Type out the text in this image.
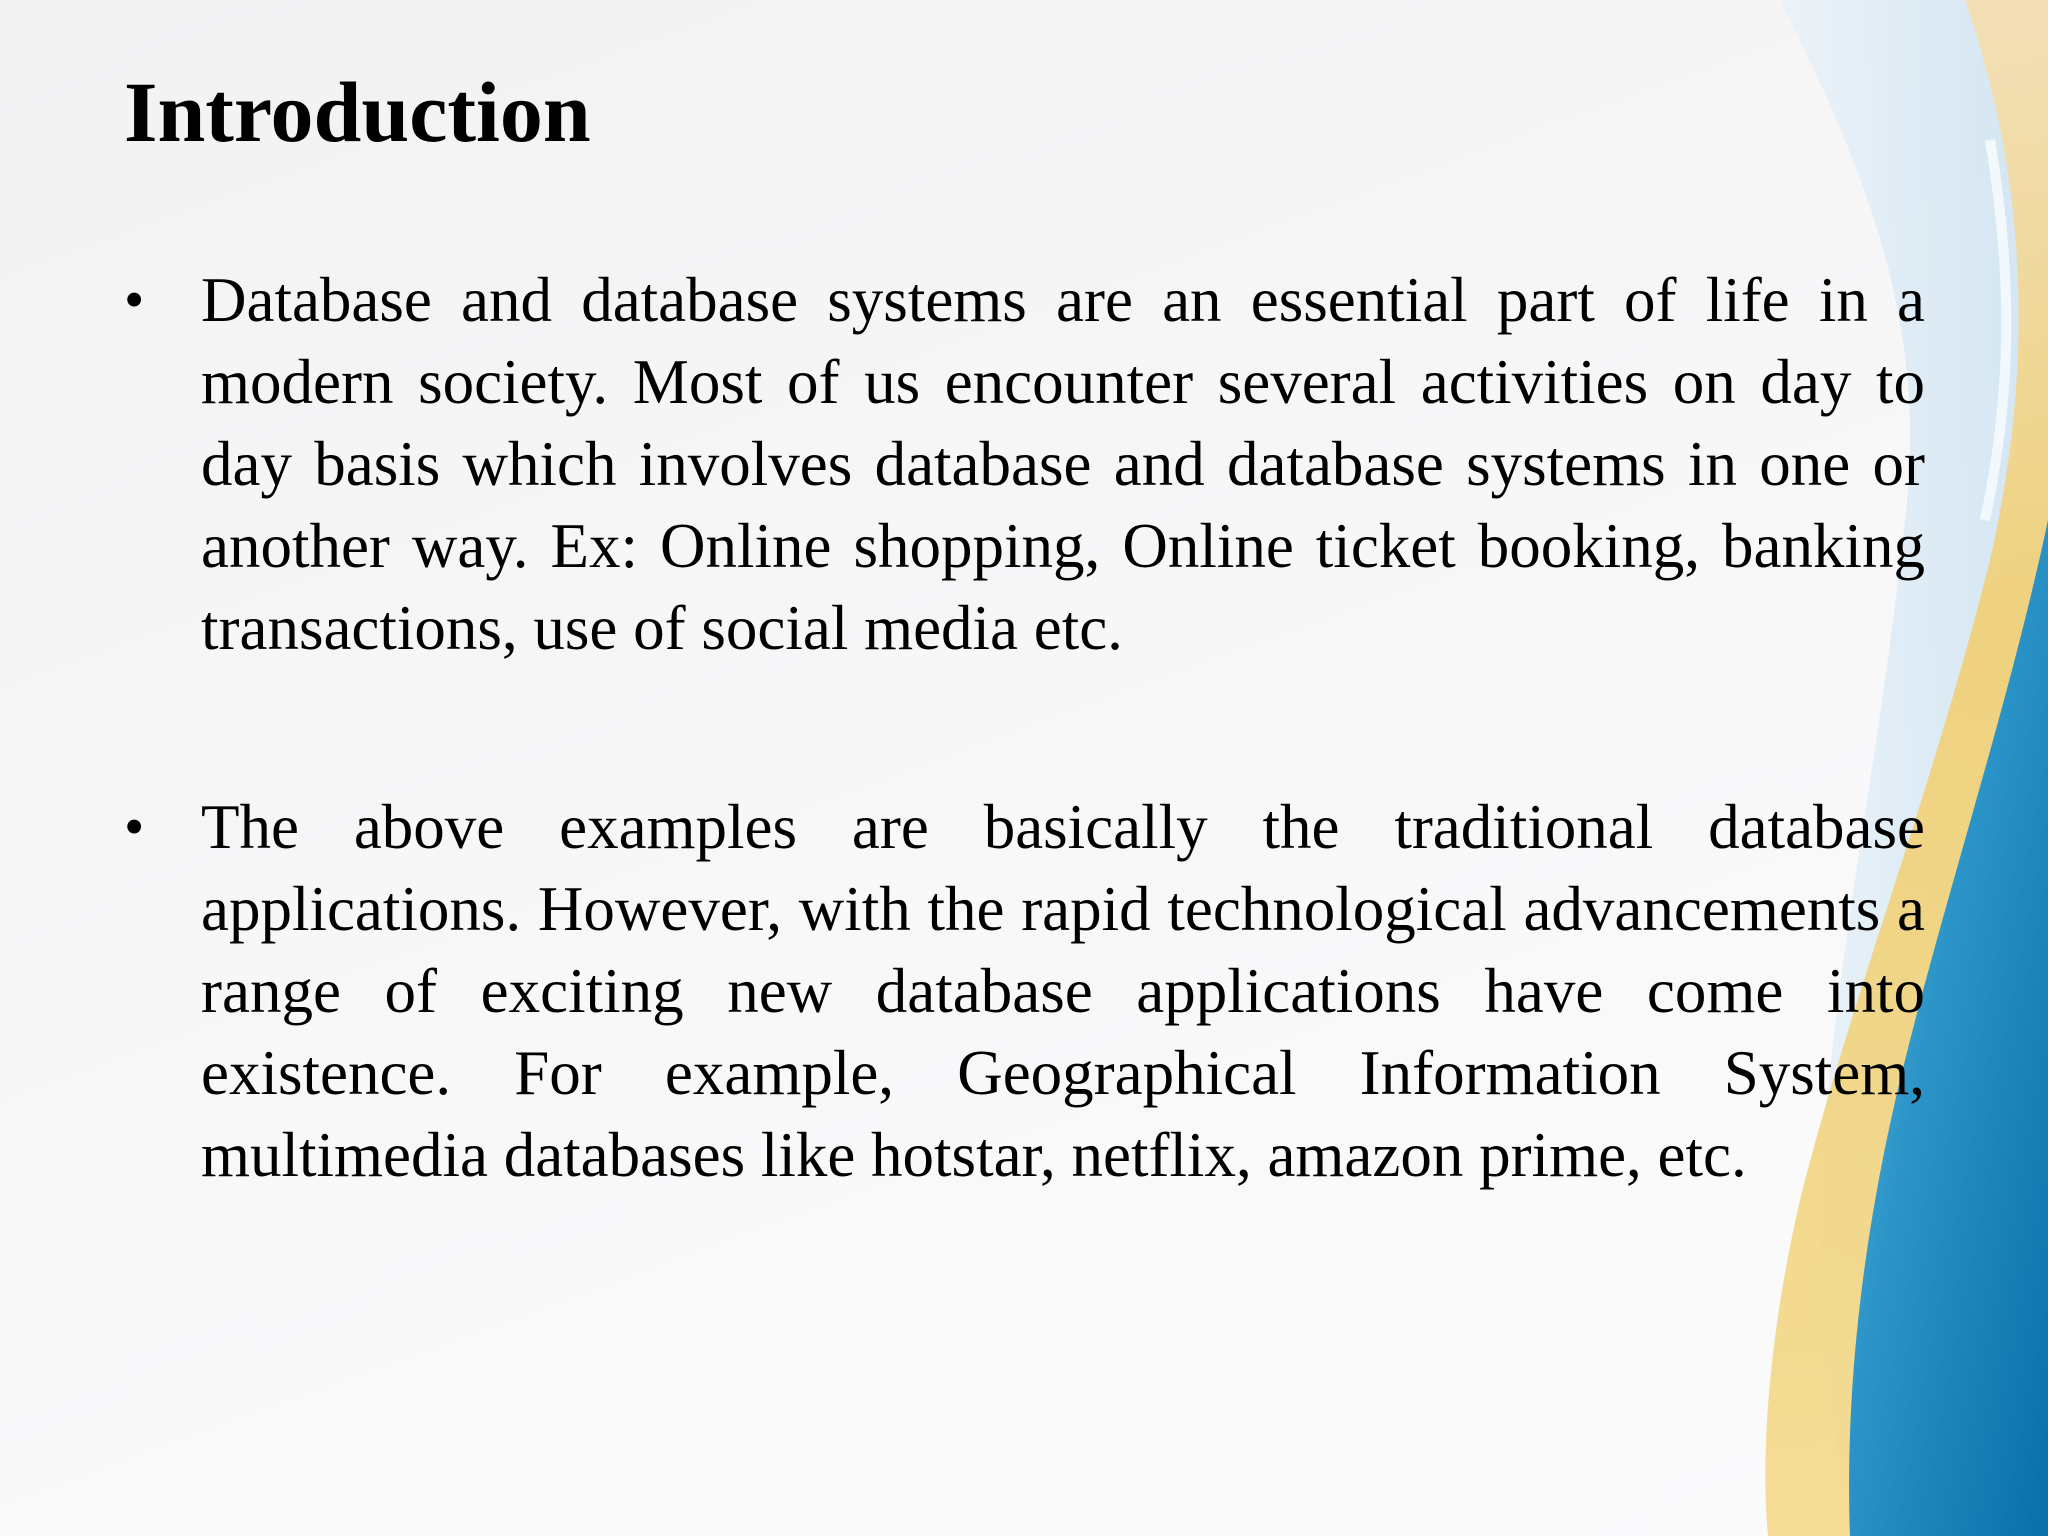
Introduction
• Database and database systems are an essential part of life in a modern society. Most of us encounter several activities on day to day basis which involves database and database systems in one or another way. Ex: Online shopping, Online ticket booking, banking transactions, use of social media etc.
• The above examples are basically the traditional database applications. However, with the rapid technological advancements a range of exciting new database applications have come into existence. For example, Geographical Information System, multimedia databases like hotstar, netflix, amazon prime, etc.
